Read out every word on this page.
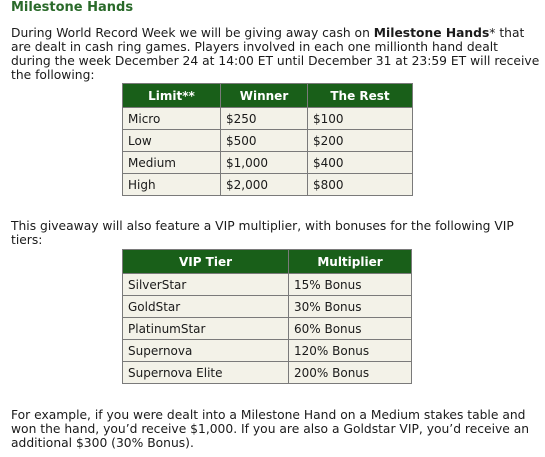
Milestone Hands
During World Record Week we will be giving away cash on Milestone Hands* that are dealt in cash ring games. Players involved in each one millionth hand dealt during the week December 24 at 14:00 ET until December 31 at 23:59 ET will receive the following:
Limit**	Winner	The Rest
Micro	$250	$100
Low	$500	$200
Medium	$1,000	$400
High	$2,000	$800
This giveaway will also feature a VIP multiplier, with bonuses for the following VIP tiers:
VIP Tier	Multiplier
SilverStar	15% Bonus
GoldStar	30% Bonus
PlatinumStar	60% Bonus
Supernova	120% Bonus
Supernova Elite	200% Bonus
For example, if you were dealt into a Milestone Hand on a Medium stakes table and won the hand, you’d receive $1,000. If you are also a Goldstar VIP, you’d receive an additional $300 (30% Bonus).
